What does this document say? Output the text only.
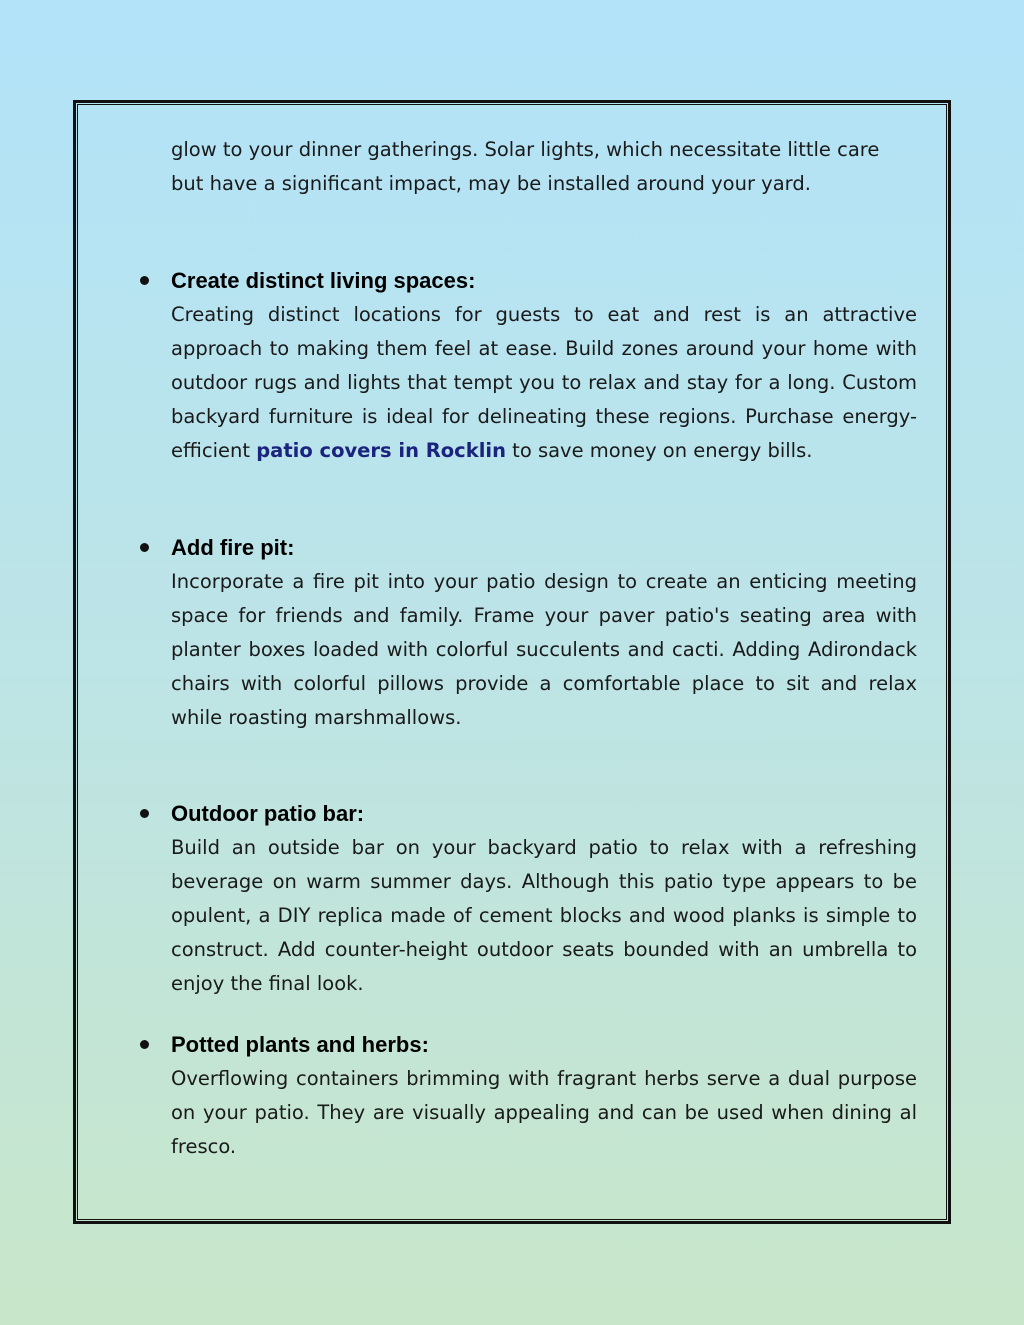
glow to your dinner gatherings. Solar lights, which necessitate little care but have a significant impact, may be installed around your yard.

Create distinct living spaces:

Creating distinct locations for guests to eat and rest is an attractive approach to making them feel at ease. Build zones around your home with outdoor rugs and lights that tempt you to relax and stay for a long. Custom backyard furniture is ideal for delineating these regions. Purchase energy-efficient patio covers in Rocklin to save money on energy bills.

Add fire pit:

Incorporate a fire pit into your patio design to create an enticing meeting space for friends and family. Frame your paver patio's seating area with planter boxes loaded with colorful succulents and cacti. Adding Adirondack chairs with colorful pillows provide a comfortable place to sit and relax while roasting marshmallows.

Outdoor patio bar:

Build an outside bar on your backyard patio to relax with a refreshing beverage on warm summer days. Although this patio type appears to be opulent, a DIY replica made of cement blocks and wood planks is simple to construct. Add counter-height outdoor seats bounded with an umbrella to enjoy the final look.

Potted plants and herbs:

Overflowing containers brimming with fragrant herbs serve a dual purpose on your patio. They are visually appealing and can be used when dining al fresco.
